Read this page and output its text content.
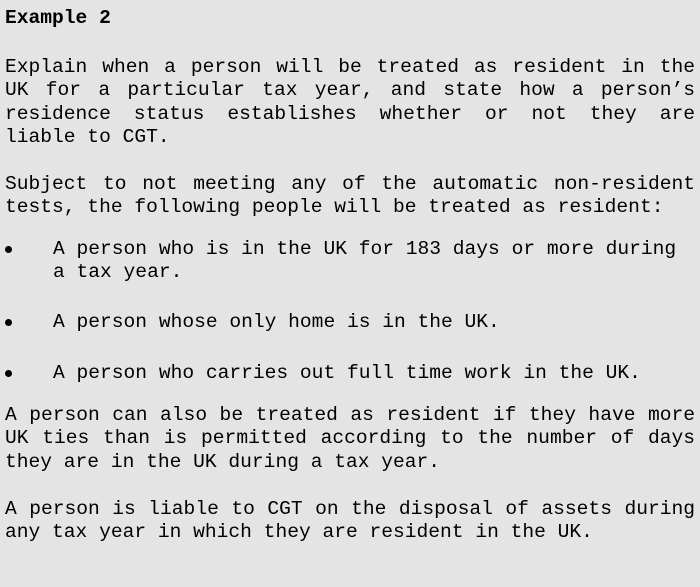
Example 2
Explain when a person will be treated as resident in the UK for a particular tax year, and state how a person’s residence status establishes whether or not they are liable to CGT.
Subject to not meeting any of the automatic non-resident tests, the following people will be treated as resident:
A person who is in the UK for 183 days or more during a tax year.
A person whose only home is in the UK.
A person who carries out full time work in the UK.
A person can also be treated as resident if they have more UK ties than is permitted according to the number of days they are in the UK during a tax year.
A person is liable to CGT on the disposal of assets during any tax year in which they are resident in the UK.
